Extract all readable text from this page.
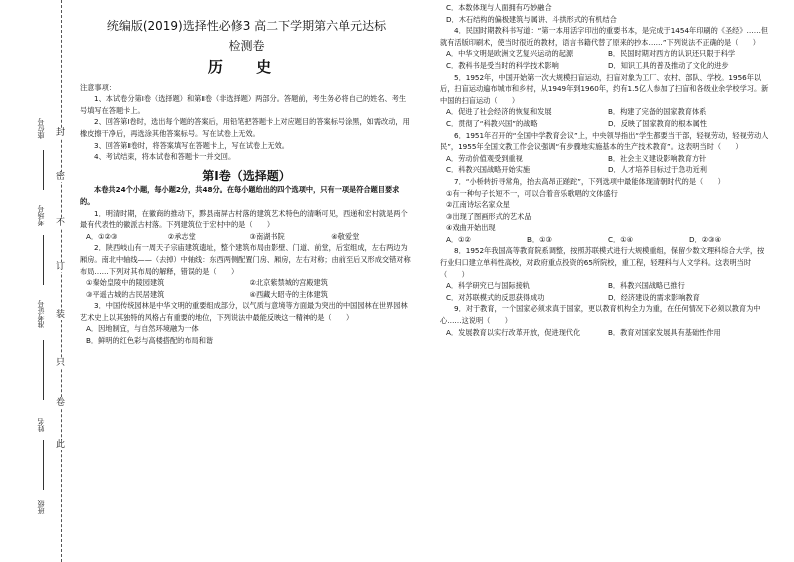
封
密
不
订
装
只
卷
此
座位号
考场号
准考证号
姓名
班级
统编版(2019)选择性必修3 高二下学期第六单元达标
检测卷
历 史
注意事项：

1、本试卷分第Ⅰ卷（选择题）和第Ⅱ卷（非选择题）两部分。答题前，考生务必将自己的姓名、考生号填写在答题卡上。

2、回答第Ⅰ卷时，选出每个题的答案后，用铅笔把答题卡上对应题目的答案标号涂黑，如需改动，用橡皮擦干净后，再选涂其他答案标号。写在试卷上无效。

3、回答第Ⅱ卷时，将答案填写在答题卡上，写在试卷上无效。

4、考试结束，将本试卷和答题卡一并交回。

第Ⅰ卷（选择题）

本卷共24个小题，每小题2分，共48分。在每小题给出的四个选项中，只有一项是符合题目要求的。

1．明清时期，在徽商的推动下，黟县南屏古村落的建筑艺术特色的清晰可见，西递和宏村就是两个最有代表性的徽派古村落。下列建筑位于宏村中的是（　　）

A．①②③	②承志堂	③南湖书院	④敬爱堂

2．陕西岐山有一周天子宗庙建筑遗址，整个建筑布局由影壁、门道、前堂，后室组成，左右两边为厢房。南北中轴线——（去掉）中轴线：东西两侧配置门房、厢房，左右对称；由前至后又形成交错对称布局……下列对其布局的解释，错误的是（　　）

①秦始皇陵中的陵园建筑	②北京紫禁城的宫殿建筑
③平遥古城的古民居建筑	④西藏大昭寺的主体建筑

3．中国传统园林是中华文明的重要组成部分，以气质与意境等方面最为突出的中国园林在世界园林艺术史上以其独特的风格占有重要的地位，下列说法中最能反映这一精神的是（　　）

A．因地制宜，与自然环境融为一体

B．鲜明的红色彩与高楼搭配的布局和谐

C．本数体现与人面拥有巧妙融合

D．木石结构的偏极建筑与属讲、斗拱形式的有机结合

4．民国时期教科书写道：“第一本用活字印出的重要书本，是完成于1454年印刷的《圣经》……但就有活版印刷术，使当时很近的教材，语言书籍代替了原来的抄本……”下列说法不正确的是（　　）

A．中华文明是欧洲文艺复兴运动的起源	B．民国时期对西方的认识还只限于科学
C．教科书是受当时的科学技术影响	D．知识工具的普及推动了文化的进步

5．1952年，中国开始第一次大规模扫盲运动，扫盲对象为工厂、农村、部队、学校。1956年以后，扫盲运动遍布城市和乡村，从1949年到1960年，约有1.5亿人参加了扫盲和各级业余学校学习。新中国的扫盲运动（　　）

A．促进了社会经济的恢复和发展	B．构建了完备的国家教育体系
C．贯彻了“科教兴国”的战略	D．反映了国家教育的根本属性

6．1951年召开的“全国中学教育会议”上，中央领导指出“学生都要当干部，轻视劳动，轻视劳动人民”，1955年全国文教工作会议强调“有步骤地实施基本的生产技术教育”。这表明当时（　　）

A．劳动价值观受到重视	B．社会主义建设影响教育方针
C．科教兴国战略开始实施	D．人才培养目标过于急功近利

7．“小桥转折寻常角，抬去高昂正蹉跎”，下列选项中最能体现清朝时代的是（　　）

①有一种句子长短不一，可以合着音乐歌唱的文体盛行

②江南诗坛名家众星

③出现了图画形式的艺术品

④戏曲开始出现

A．①②	B．①③	C．①④	D．②③④

8．1952年我国高等教育院系调整，按照苏联模式进行大规模重组，保留少数文理科综合大学，按行业归口建立单科性高校，对政府重点投资的65所院校，重工程，轻理科与人文学科。这表明当时（　　）

A．科学研究已与国际接轨	B．科教兴国战略已推行
C．对苏联模式的反思获得成功	D．经济建设的需求影响教育

9．对于教育，一个国家必须求真于国家，更以教育机构全力为重，在任何情况下必须以教育为中心……这说明（　　）

A．发展教育以实行改革开放，促进现代化	B．教育对国家发展具有基础性作用
